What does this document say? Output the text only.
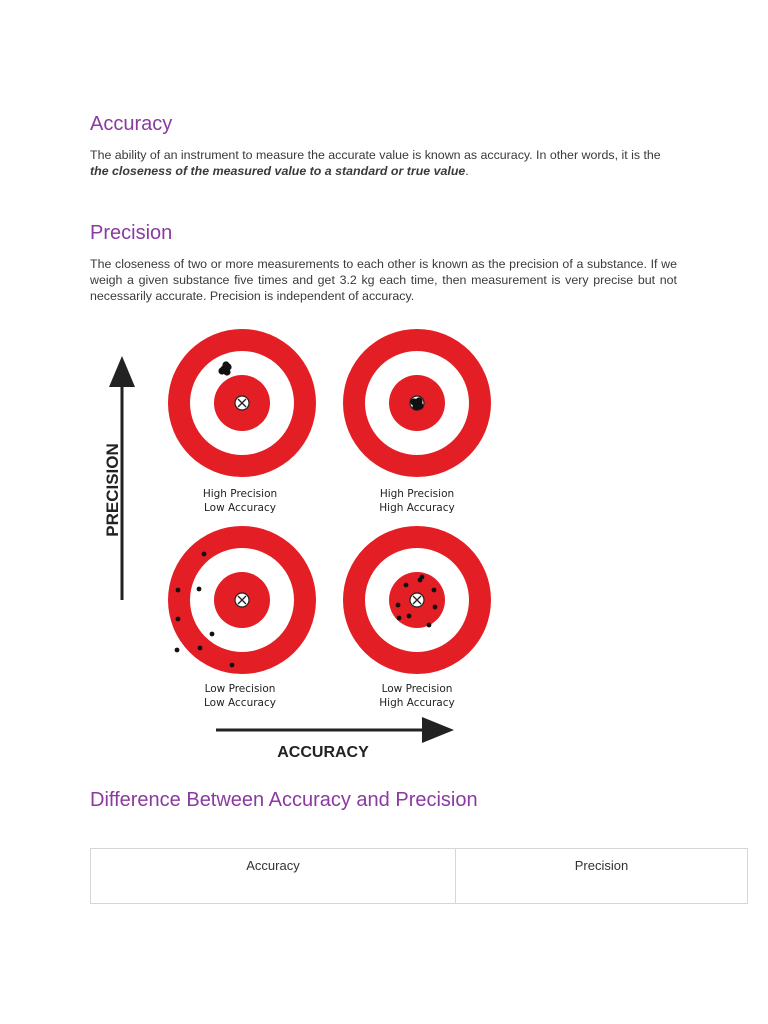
Accuracy

The ability of an instrument to measure the accurate value is known as accuracy. In other words, it is the the closeness of the measured value to a standard or true value.

Precision

The closeness of two or more measurements to each other is known as the precision of a substance. If we weigh a given substance five times and get 3.2 kg each time, then measurement is very precise but not necessarily accurate. Precision is independent of accuracy.

PRECISION
ACCURACY
High Precision
Low Accuracy
High Precision
High Accuracy
Low Precision
Low Accuracy
Low Precision
High Accuracy
Difference Between Accuracy and Precision
Accuracy	Precision
